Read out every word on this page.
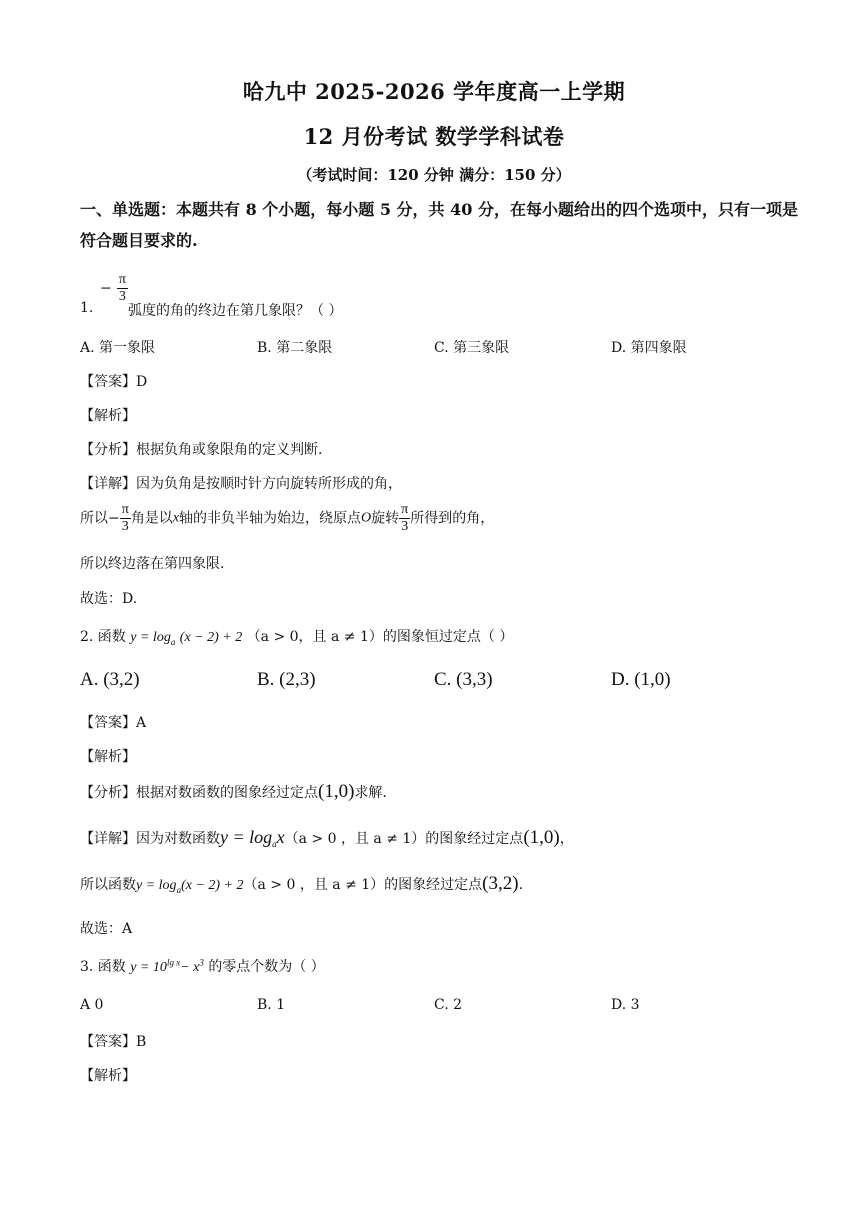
哈九中 2025-2026 学年度高一上学期
12 月份考试 数学学科试卷
（考试时间：120 分钟 满分：150 分）
一、单选题：本题共有 8 个小题，每小题 5 分，共 40 分，在每小题给出的四个选项中，只有一项是符合题目要求的.
1.
− $\frac{\pi}{3}$
弧度的角的终边在第几象限？（ ）
A. 第一象限	B. 第二象限	C. 第三象限	D. 第四象限
【答案】D
【解析】
【分析】根据负角或象限角的定义判断.
【详解】因为负角是按顺时针方向旋转所形成的角，
所以− $\frac{\pi}{3}$ 角是以x轴的非负半轴为始边，绕原点O旋转 $\frac{\pi}{3}$ 所得到的角，
所以终边落在第四象限.
故选：D.
2. 函数 $y = \log_a (x - 2) + 2$ （a > 0，且 a ≠ 1）的图象恒过定点（ ）
A. (3,2)	B. (2,3)	C. (3,3)	D. (1,0)
【答案】A
【解析】
【分析】根据对数函数的图象经过定点(1,0)求解.
【详解】因为对数函数$y = \log_ax(a > 0$ ，且 a ≠ 1）的图象经过定点(1,0)，
所以函数$y = \log_a(x - 2) + 2(a > 0$ ，且 a ≠ 1）的图象经过定点(3,2).
故选：A
3. 函数 $y = 10^{lg x}- x^3$ 的零点个数为（ ）
A 0	B. 1	C. 2	D. 3
【答案】B
【解析】
